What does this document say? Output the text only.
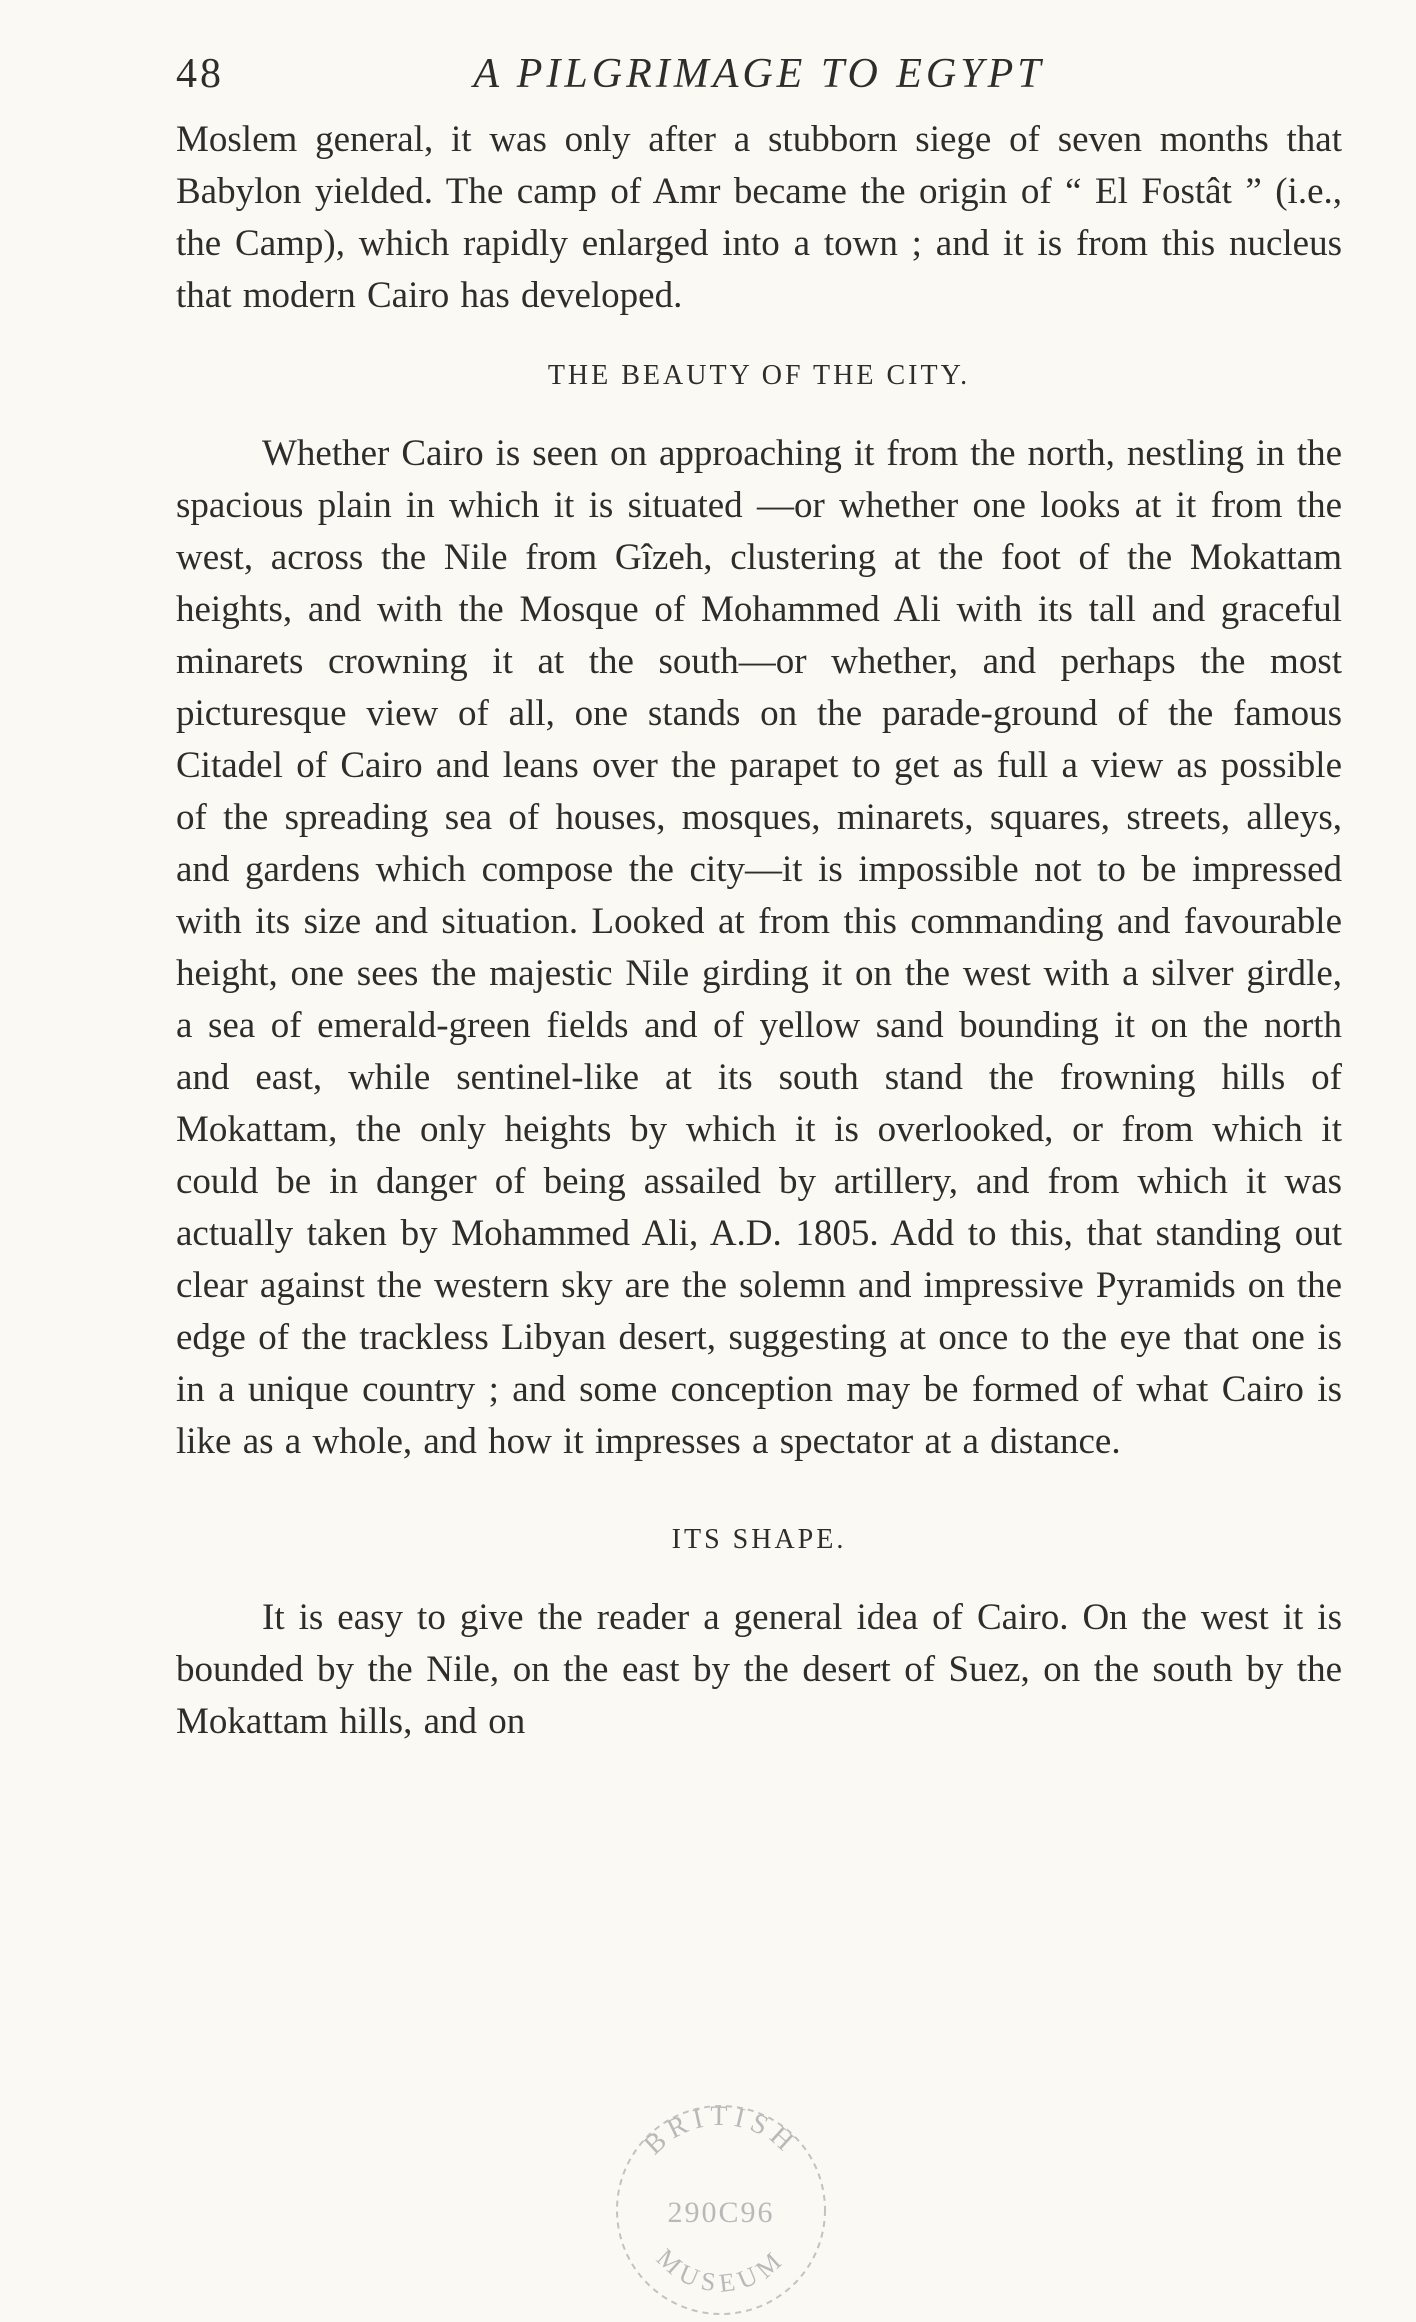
48	A PILGRIMAGE TO EGYPT

Moslem general, it was only after a stubborn siege of seven months that Babylon yielded. The camp of Amr became the origin of “ El Fostât ” (i.e., the Camp), which rapidly enlarged into a town ; and it is from this nucleus that modern Cairo has developed.

THE BEAUTY OF THE CITY.

Whether Cairo is seen on approaching it from the north, nestling in the spacious plain in which it is situated —or whether one looks at it from the west, across the Nile from Gîzeh, clustering at the foot of the Mokattam heights, and with the Mosque of Mohammed Ali with its tall and graceful minarets crowning it at the south—or whether, and perhaps the most picturesque view of all, one stands on the parade-ground of the famous Citadel of Cairo and leans over the parapet to get as full a view as possible of the spreading sea of houses, mosques, minarets, squares, streets, alleys, and gardens which compose the city—it is impossible not to be impressed with its size and situation. Looked at from this commanding and favourable height, one sees the majestic Nile girding it on the west with a silver girdle, a sea of emerald-green fields and of yellow sand bounding it on the north and east, while sentinel-like at its south stand the frowning hills of Mokattam, the only heights by which it is overlooked, or from which it could be in danger of being assailed by artillery, and from which it was actually taken by Mohammed Ali, A.D. 1805. Add to this, that standing out clear against the western sky are the solemn and impressive Pyramids on the edge of the trackless Libyan desert, suggesting at once to the eye that one is in a unique country ; and some conception may be formed of what Cairo is like as a whole, and how it impresses a spectator at a distance.

ITS SHAPE.

It is easy to give the reader a general idea of Cairo. On the west it is bounded by the Nile, on the east by the desert of Suez, on the south by the Mokattam hills, and on

BRITISH
290C96
MUSEUM
